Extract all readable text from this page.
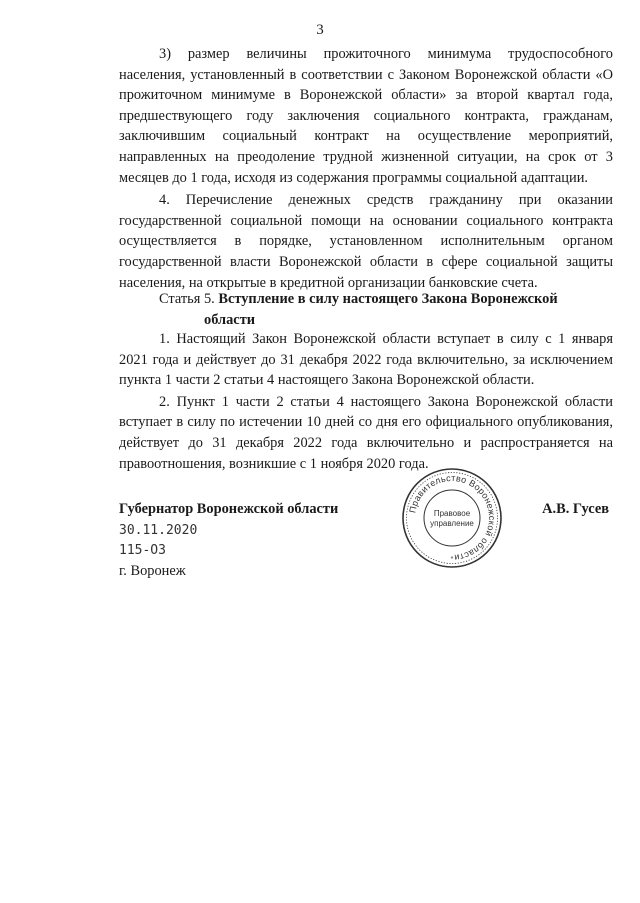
3

3) размер величины прожиточного минимума трудоспособного населения, установленный в соответствии с Законом Воронежской области «О прожиточном минимуме в Воронежской области» за второй квартал года, предшествующего году заключения социального контракта, гражданам, заключившим социальный контракт на осуществление мероприятий, направленных на преодоление трудной жизненной ситуации, на срок от 3 месяцев до 1 года, исходя из содержания программы социальной адаптации.

4. Перечисление денежных средств гражданину при оказании государственной социальной помощи на основании социального контракта осуществляется в порядке, установленном исполнительным органом государственной власти Воронежской области в сфере социальной защиты населения, на открытые в кредитной организации банковские счета.

Статья 5. Вступление в силу настоящего Закона Воронежской
области

1. Настоящий Закон Воронежской области вступает в силу с 1 января 2021 года и действует до 31 декабря 2022 года включительно, за исключением пункта 1 части 2 статьи 4 настоящего Закона Воронежской области.

2. Пункт 1 части 2 статьи 4 настоящего Закона Воронежской области вступает в силу по истечении 10 дней со дня его официального опубликования, действует до 31 декабря 2022 года включительно и распространяется на правоотношения, возникшие с 1 ноября 2020 года.

Губернатор Воронежской области	А.В. Гусев
30.11.2020
115-ОЗ
г. Воронеж
Правительство Воронежской области
Правовое
управление
*
